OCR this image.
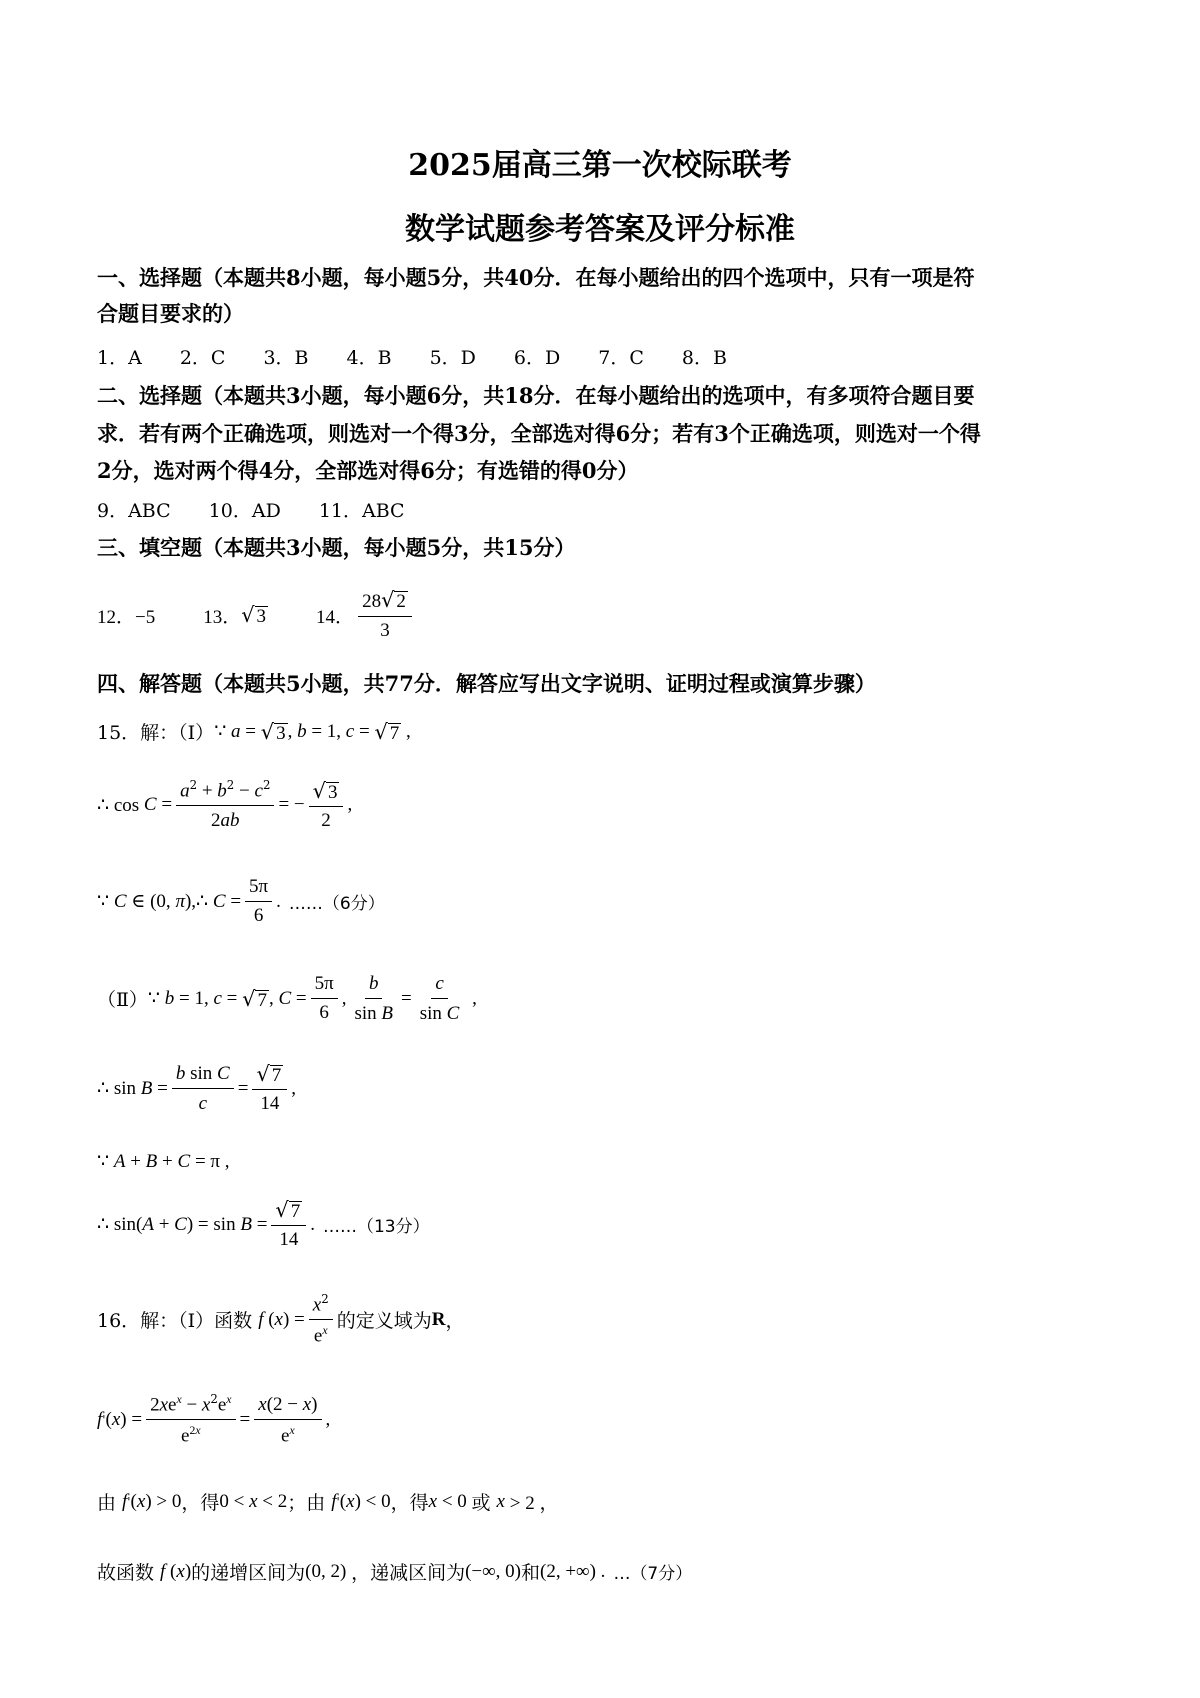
2025届高三第一次校际联考
数学试题参考答案及评分标准
一、选择题（本题共8小题，每小题5分，共40分．在每小题给出的四个选项中，只有一项是符
合题目要求的）
1．A 2．C 3．B 4．B 5．D 6．D 7．C 8．B
二、选择题（本题共3小题，每小题6分，共18分．在每小题给出的选项中，有多项符合题目要
求．若有两个正确选项，则选对一个得3分，全部选对得6分；若有3个正确选项，则选对一个得
2分，选对两个得4分，全部选对得6分；有选错的得0分）
9．ABC 10．AD 11．ABC
三、填空题（本题共3小题，每小题5分，共15分）
12．−5	13． √ 3	14． $\frac{28 √ 2}{3}$
四、解答题（本题共5小题，共77分．解答应写出文字说明、证明过程或演算步骤）
15．解：（Ⅰ） ∵ a = √ 3 , b = 1, c = √ 7 ,
∴ $\cos C = \frac{a^2 + b^2 - c^2}{2ab}$ = − $\frac{√ 3}{2}$ ,
∵ C ∈ (0, π ),∴ $C = \frac{5\pi}{6}$ . ……（6分）
（Ⅱ） ∵ b = 1, c = √ 7 , $C = \frac{5\pi}{6}$ , $\frac{b}{\text{sin B}} = \frac{c}{\text{sin C}}$ ,
∴ $\sin B = \frac{\text{b sin C}}{c} = \frac{√ 7}{14}$ ,
∵ A + B + C = π ,
∴ sin( A + C ) = $\sin B = \frac{√ 7}{14}$ . ……（13分）
16．解：（Ⅰ）函数 f ( x ) = $\frac{x^2}{e^x}$ 的定义域为 R ，
f ' ( x ) = $\frac{2xe^x - x^2e^x}{e^{2x}} = \frac{x(2 - x)}{e^x}$ ,
由 f ' ( x ) > 0 ，得 0 < x < 2 ；由 f ' ( x ) < 0 ，得 x < 0 或 x > 2 ，
故函数 f ( x ) 的递增区间为 (0, 2) ，递减区间为 (−∞, 0) 和 (2, +∞) . …（7分）
